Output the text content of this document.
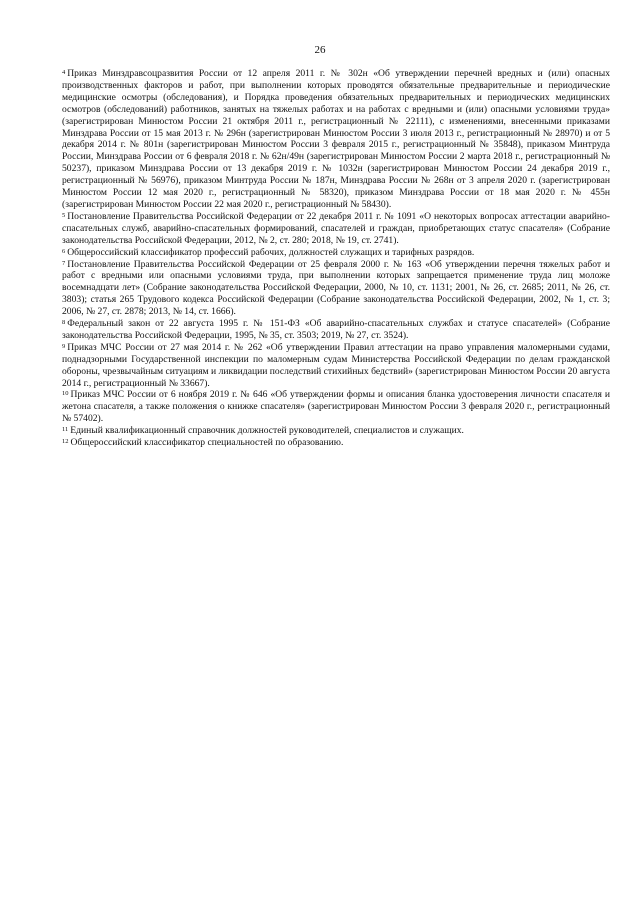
26

$^4$ Приказ Минздравсоцразвития России от 12 апреля 2011 г. № 302н «Об утверждении перечней вредных и (или) опасных производственных факторов и работ, при выполнении которых проводятся обязательные предварительные и периодические медицинские осмотры (обследования), и Порядка проведения обязательных предварительных и периодических медицинских осмотров (обследований) работников, занятых на тяжелых работах и на работах с вредными и (или) опасными условиями труда» (зарегистрирован Минюстом России 21 октября 2011 г., регистрационный № 22111), с изменениями, внесенными приказами Минздрава России от 15 мая 2013 г. № 296н (зарегистрирован Минюстом России 3 июля 2013 г., регистрационный № 28970) и от 5 декабря 2014 г. № 801н (зарегистрирован Минюстом России 3 февраля 2015 г., регистрационный № 35848), приказом Минтруда России, Минздрава России от 6 февраля 2018 г. № 62н/49н (зарегистрирован Минюстом России 2 марта 2018 г., регистрационный № 50237), приказом Минздрава России от 13 декабря 2019 г. № 1032н (зарегистрирован Минюстом России 24 декабря 2019 г., регистрационный № 56976), приказом Минтруда России № 187н, Минздрава России № 268н от 3 апреля 2020 г. (зарегистрирован Минюстом России 12 мая 2020 г., регистрационный № 58320), приказом Минздрава России от 18 мая 2020 г. № 455н (зарегистрирован Минюстом России 22 мая 2020 г., регистрационный № 58430).

$^5$ Постановление Правительства Российской Федерации от 22 декабря 2011 г. № 1091 «О некоторых вопросах аттестации аварийно-спасательных служб, аварийно-спасательных формирований, спасателей и граждан, приобретающих статус спасателя» (Собрание законодательства Российской Федерации, 2012, № 2, ст. 280; 2018, № 19, ст. 2741).

$^6$ Общероссийский классификатор профессий рабочих, должностей служащих и тарифных разрядов.

$^7$ Постановление Правительства Российской Федерации от 25 февраля 2000 г. № 163 «Об утверждении перечня тяжелых работ и работ с вредными или опасными условиями труда, при выполнении которых запрещается применение труда лиц моложе восемнадцати лет» (Собрание законодательства Российской Федерации, 2000, № 10, ст. 1131; 2001, № 26, ст. 2685; 2011, № 26, ст. 3803); статья 265 Трудового кодекса Российской Федерации (Собрание законодательства Российской Федерации, 2002, № 1, ст. 3; 2006, № 27, ст. 2878; 2013, № 14, ст. 1666).

$^8$ Федеральный закон от 22 августа 1995 г. № 151-ФЗ «Об аварийно-спасательных службах и статусе спасателей» (Собрание законодательства Российской Федерации, 1995, № 35, ст. 3503; 2019, № 27, ст. 3524).

$^9$ Приказ МЧС России от 27 мая 2014 г. № 262 «Об утверждении Правил аттестации на право управления маломерными судами, поднадзорными Государственной инспекции по маломерным судам Министерства Российской Федерации по делам гражданской обороны, чрезвычайным ситуациям и ликвидации последствий стихийных бедствий» (зарегистрирован Минюстом России 20 августа 2014 г., регистрационный № 33667).

$^{10}$ Приказ МЧС России от 6 ноября 2019 г. № 646 «Об утверждении формы и описания бланка удостоверения личности спасателя и жетона спасателя, а также положения о книжке спасателя» (зарегистрирован Минюстом России 3 февраля 2020 г., регистрационный № 57402).

$^{11}$ Единый квалификационный справочник должностей руководителей, специалистов и служащих.

$^{12}$ Общероссийский классификатор специальностей по образованию.
